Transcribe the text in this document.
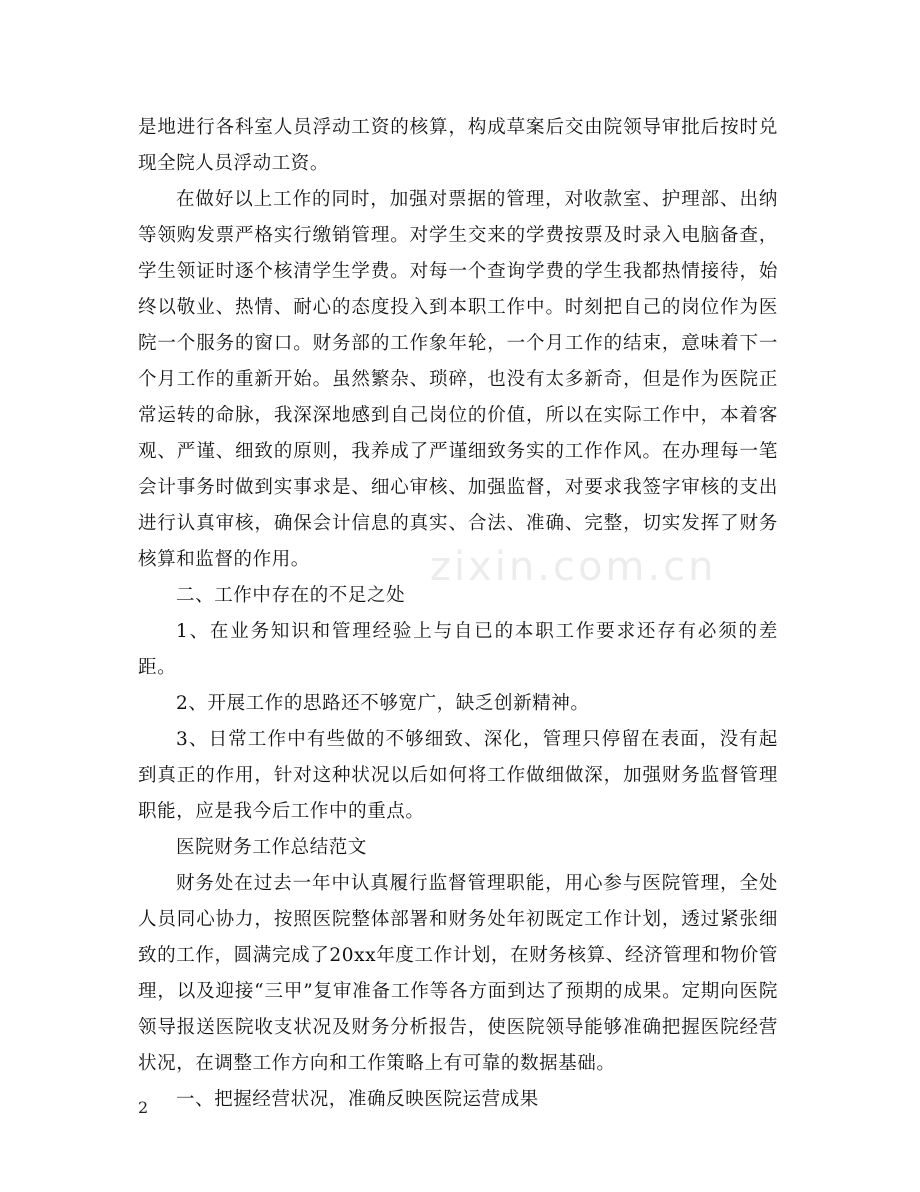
zixin.com.cn

是地进行各科室人员浮动工资的核算，构成草案后交由院领导审批后按时兑现全院人员浮动工资。

在做好以上工作的同时，加强对票据的管理，对收款室、护理部、出纳等领购发票严格实行缴销管理。对学生交来的学费按票及时录入电脑备查，学生领证时逐个核清学生学费。对每一个查询学费的学生我都热情接待，始终以敬业、热情、耐心的态度投入到本职工作中。时刻把自己的岗位作为医院一个服务的窗口。财务部的工作象年轮，一个月工作的结束，意味着下一个月工作的重新开始。虽然繁杂、琐碎，也没有太多新奇，但是作为医院正常运转的命脉，我深深地感到自己岗位的价值，所以在实际工作中，本着客观、严谨、细致的原则，我养成了严谨细致务实的工作作风。在办理每一笔会计事务时做到实事求是、细心审核、加强监督，对要求我签字审核的支出进行认真审核，确保会计信息的真实、合法、准确、完整，切实发挥了财务核算和监督的作用。

二、工作中存在的不足之处

1、在业务知识和管理经验上与自已的本职工作要求还存有必须的差距。

2、开展工作的思路还不够宽广，缺乏创新精神。

3、日常工作中有些做的不够细致、深化，管理只停留在表面，没有起到真正的作用，针对这种状况以后如何将工作做细做深，加强财务监督管理职能，应是我今后工作中的重点。

医院财务工作总结范文

财务处在过去一年中认真履行监督管理职能，用心参与医院管理，全处人员同心协力，按照医院整体部署和财务处年初既定工作计划，透过紧张细致的工作，圆满完成了20xx年度工作计划，在财务核算、经济管理和物价管理，以及迎接“三甲”复审准备工作等各方面到达了预期的成果。定期向医院领导报送医院收支状况及财务分析报告，使医院领导能够准确把握医院经营状况，在调整工作方向和工作策略上有可靠的数据基础。

一、把握经营状况，准确反映医院运营成果

2
